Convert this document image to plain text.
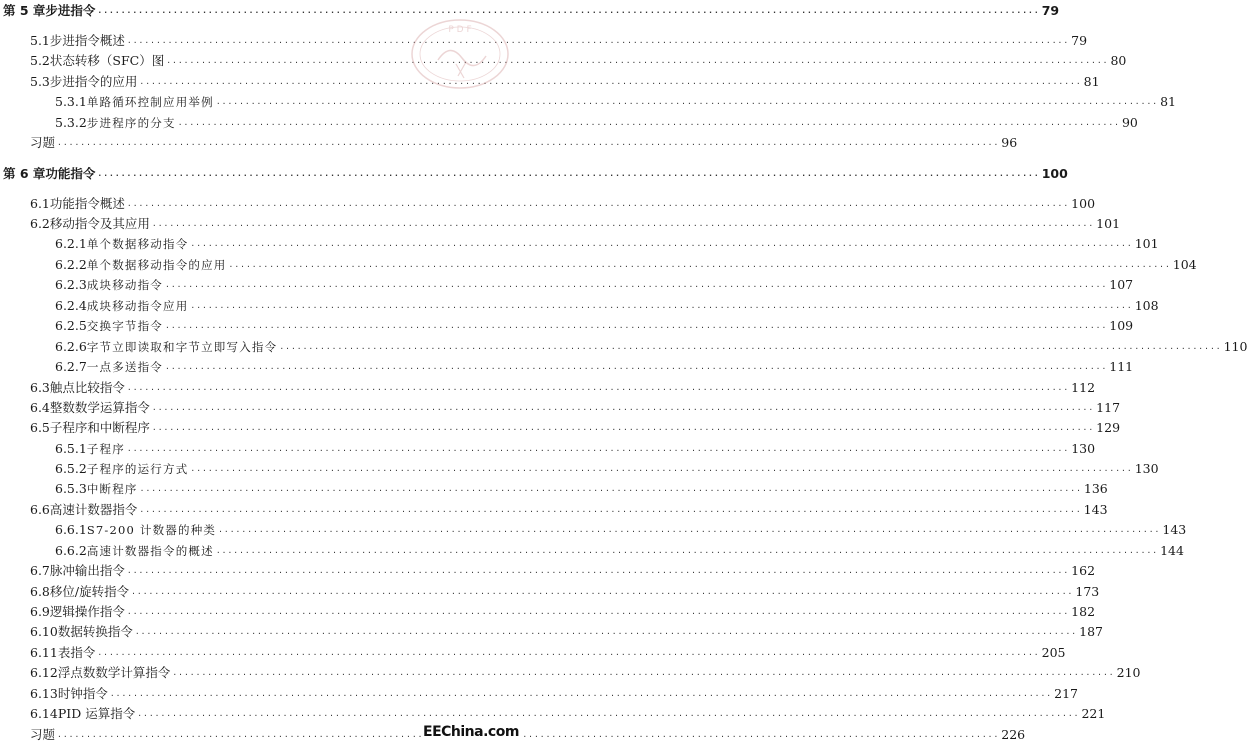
第 5 章 步进指令 ·····	79
5.1 步进指令概述 ·····	79
5.2 状态转移（SFC）图 ·····	80
5.3 步进指令的应用 ·····	81
5.3.1 单路循环控制应用举例 ·····	81
5.3.2 步进程序的分支 ·····	90
习题 ·····	96
第 6 章 功能指令 ·····	100
6.1 功能指令概述 ·····	100
6.2 移动指令及其应用 ·····	101
6.2.1 单个数据移动指令 ·····	101
6.2.2 单个数据移动指令的应用 ·····	104
6.2.3 成块移动指令 ·····	107
6.2.4 成块移动指令应用 ·····	108
6.2.5 交换字节指令 ·····	109
6.2.6 字节立即读取和字节立即写入指令 ·····	110
6.2.7 一点多送指令 ·····	111
6.3 触点比较指令 ·····	112
6.4 整数数学运算指令 ·····	117
6.5 子程序和中断程序 ·····	129
6.5.1 子程序 ·····	130
6.5.2 子程序的运行方式 ·····	130
6.5.3 中断程序 ·····	136
6.6 高速计数器指令 ·····	143
6.6.1 S7-200 计数器的种类 ·····	143
6.6.2 高速计数器指令的概述 ·····	144
6.7 脉冲输出指令 ·····	162
6.8 移位/旋转指令 ·····	173
6.9 逻辑操作指令 ·····	182
6.10 数据转换指令 ·····	187
6.11 表指令 ·····	205
6.12 浮点数数学计算指令 ·····	210
6.13 时钟指令 ·····	217
6.14 PID 运算指令 ·····	221
习题 ·····	226
P D F
EEChina.com
